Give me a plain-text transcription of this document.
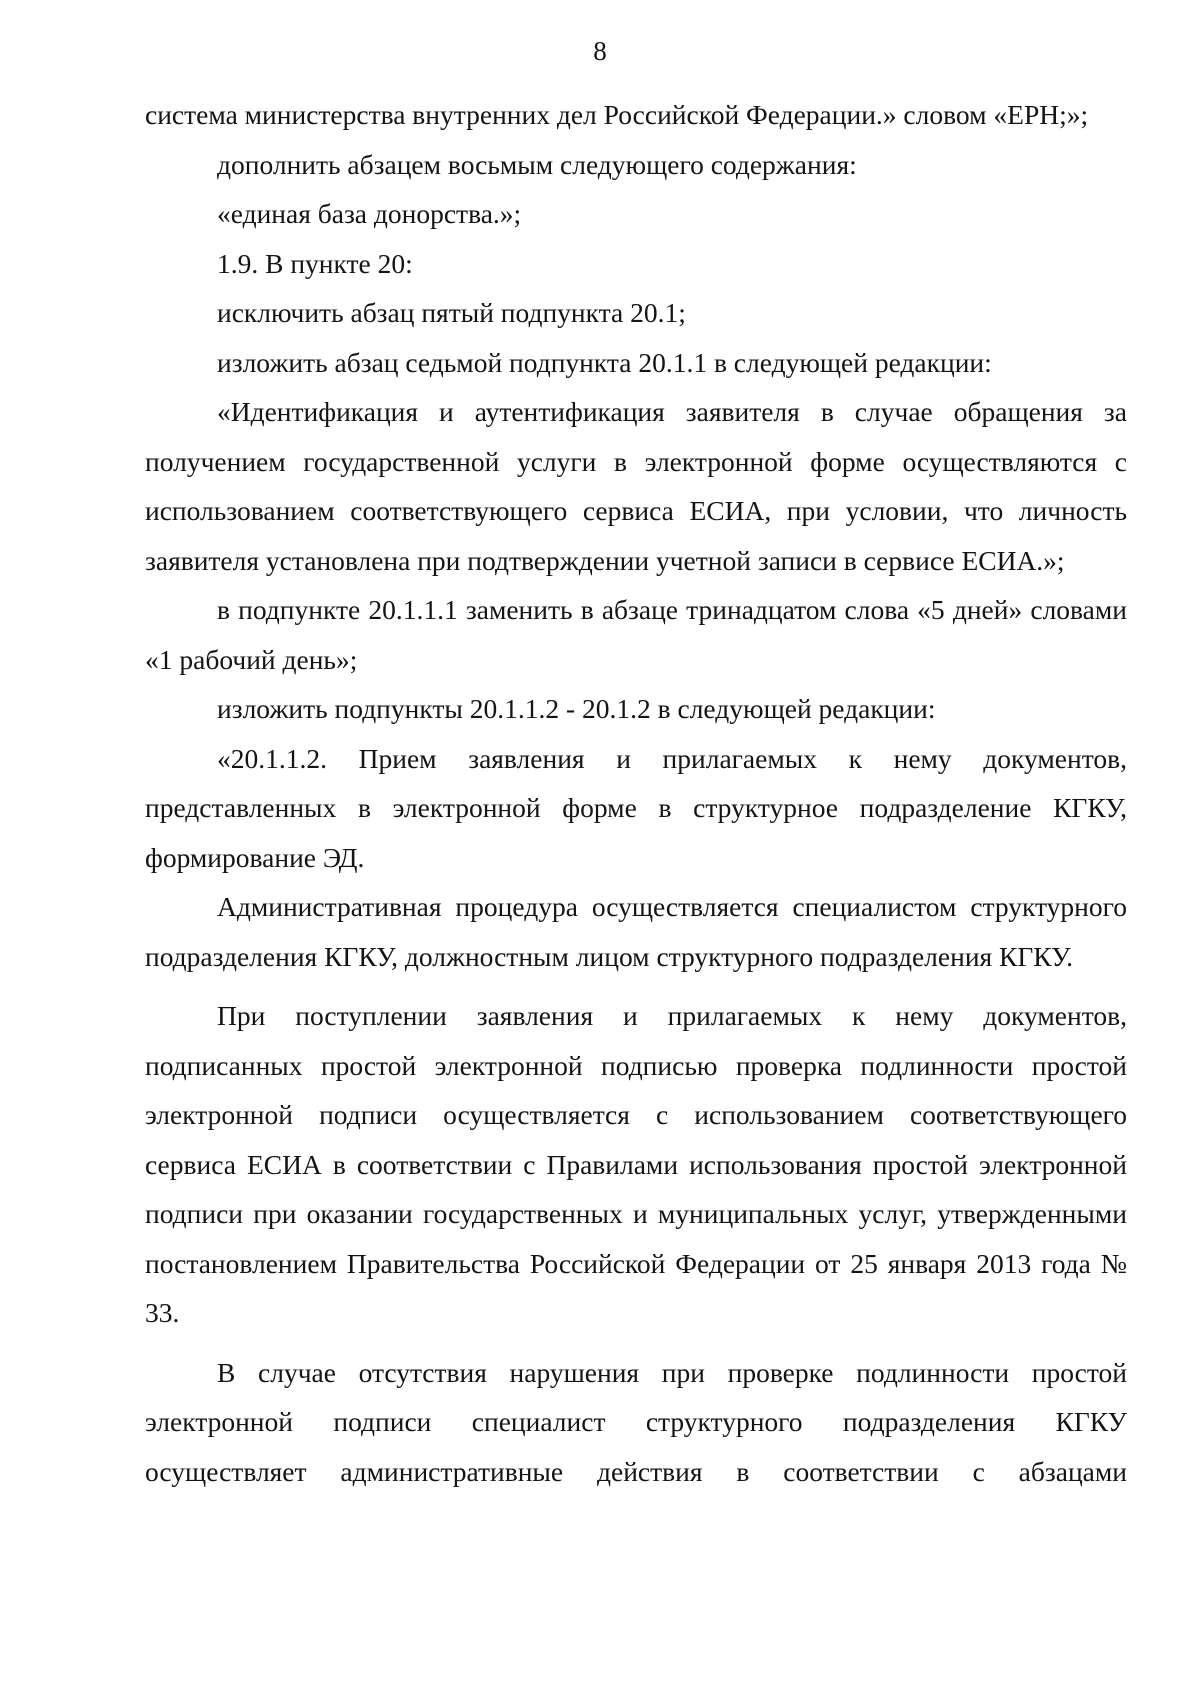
8

система министерства внутренних дел Российской Федерации.» словом «ЕРН;»;

дополнить абзацем восьмым следующего содержания:

«единая база донорства.»;

1.9. В пункте 20:

исключить абзац пятый подпункта 20.1;

изложить абзац седьмой подпункта 20.1.1 в следующей редакции:

«Идентификация и аутентификация заявителя в случае обращения за получением государственной услуги в электронной форме осуществляются с использованием соответствующего сервиса ЕСИА, при условии, что личность заявителя установлена при подтверждении учетной записи в сервисе ЕСИА.»;

в подпункте 20.1.1.1 заменить в абзаце тринадцатом слова «5 дней» словами «1 рабочий день»;

изложить подпункты 20.1.1.2 - 20.1.2 в следующей редакции:

«20.1.1.2. Прием заявления и прилагаемых к нему документов, представленных в электронной форме в структурное подразделение КГКУ, формирование ЭД.

Административная процедура осуществляется специалистом структурного подразделения КГКУ, должностным лицом структурного подразделения КГКУ.

При поступлении заявления и прилагаемых к нему документов, подписанных простой электронной подписью проверка подлинности простой электронной подписи осуществляется с использованием соответствующего сервиса ЕСИА в соответствии с Правилами использования простой электронной подписи при оказании государственных и муниципальных услуг, утвержденными постановлением Правительства Российской Федерации от 25 января 2013 года № 33.

В случае отсутствия нарушения при проверке подлинности простой электронной подписи специалист структурного подразделения КГКУ осуществляет административные действия в соответствии с абзацами
